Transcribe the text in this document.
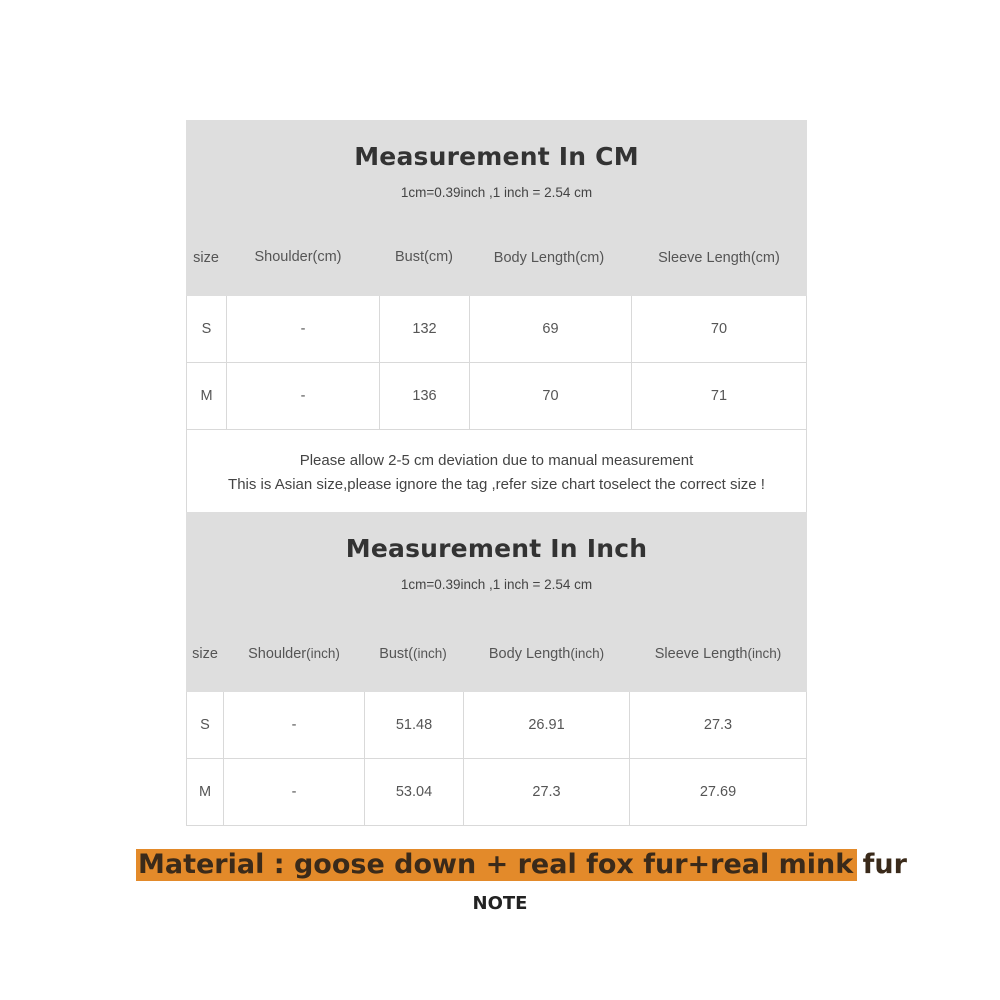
Measurement In CM
1cm=0.39inch ,1 inch = 2.54 cm
size	Shoulder(cm)	Bust(cm)	Body Length(cm)	Sleeve Length(cm)
S	-	132	69	70
M	-	136	70	71
Please allow 2-5 cm deviation due to manual measurement
This is Asian size,please ignore the tag ,refer size chart toselect the correct size !
Measurement In Inch
1cm=0.39inch ,1 inch = 2.54 cm
size	Shoulder(inch)	Bust((inch)	Body Length(inch)	Sleeve Length(inch)
S	-	51.48	26.91	27.3
M	-	53.04	27.3	27.69
Material : goose down + real fox fur+real mink fur
NOTE
